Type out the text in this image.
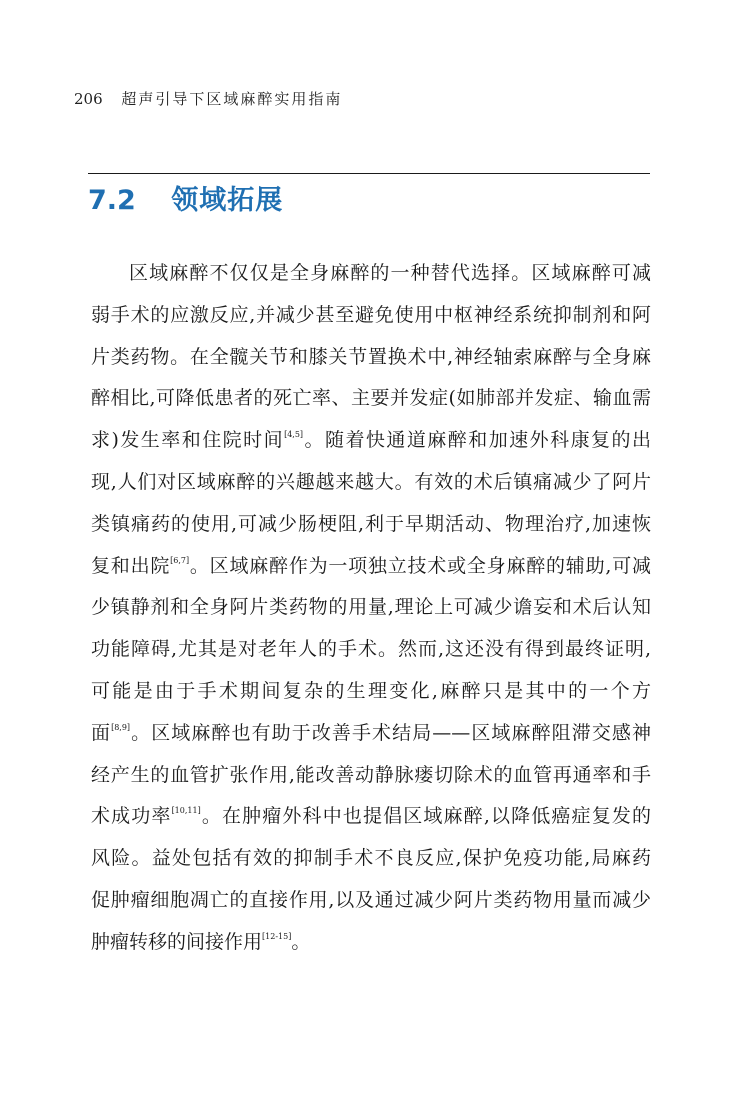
206 超声引导下区域麻醉实用指南
7.2 领域拓展
区域麻醉不仅仅是全身麻醉的一种替代选择。区域麻醉可减
弱手术的应激反应,并减少甚至避免使用中枢神经系统抑制剂和阿
片类药物。在全髋关节和膝关节置换术中,神经轴索麻醉与全身麻
醉相比,可降低患者的死亡率、主要并发症(如肺部并发症、输血需
求)发生率和住院时间[4,5]。随着快通道麻醉和加速外科康复的出
现,人们对区域麻醉的兴趣越来越大。有效的术后镇痛减少了阿片
类镇痛药的使用,可减少肠梗阻,利于早期活动、物理治疗,加速恢
复和出院[6,7]。区域麻醉作为一项独立技术或全身麻醉的辅助,可减
少镇静剂和全身阿片类药物的用量,理论上可减少谵妄和术后认知
功能障碍,尤其是对老年人的手术。然而,这还没有得到最终证明,
可能是由于手术期间复杂的生理变化,麻醉只是其中的一个方
面[8,9]。区域麻醉也有助于改善手术结局——区域麻醉阻滞交感神
经产生的血管扩张作用,能改善动静脉瘘切除术的血管再通率和手
术成功率[10,11]。在肿瘤外科中也提倡区域麻醉,以降低癌症复发的
风险。益处包括有效的抑制手术不良反应,保护免疫功能,局麻药
促肿瘤细胞凋亡的直接作用,以及通过减少阿片类药物用量而减少
肿瘤转移的间接作用[12-15]。
